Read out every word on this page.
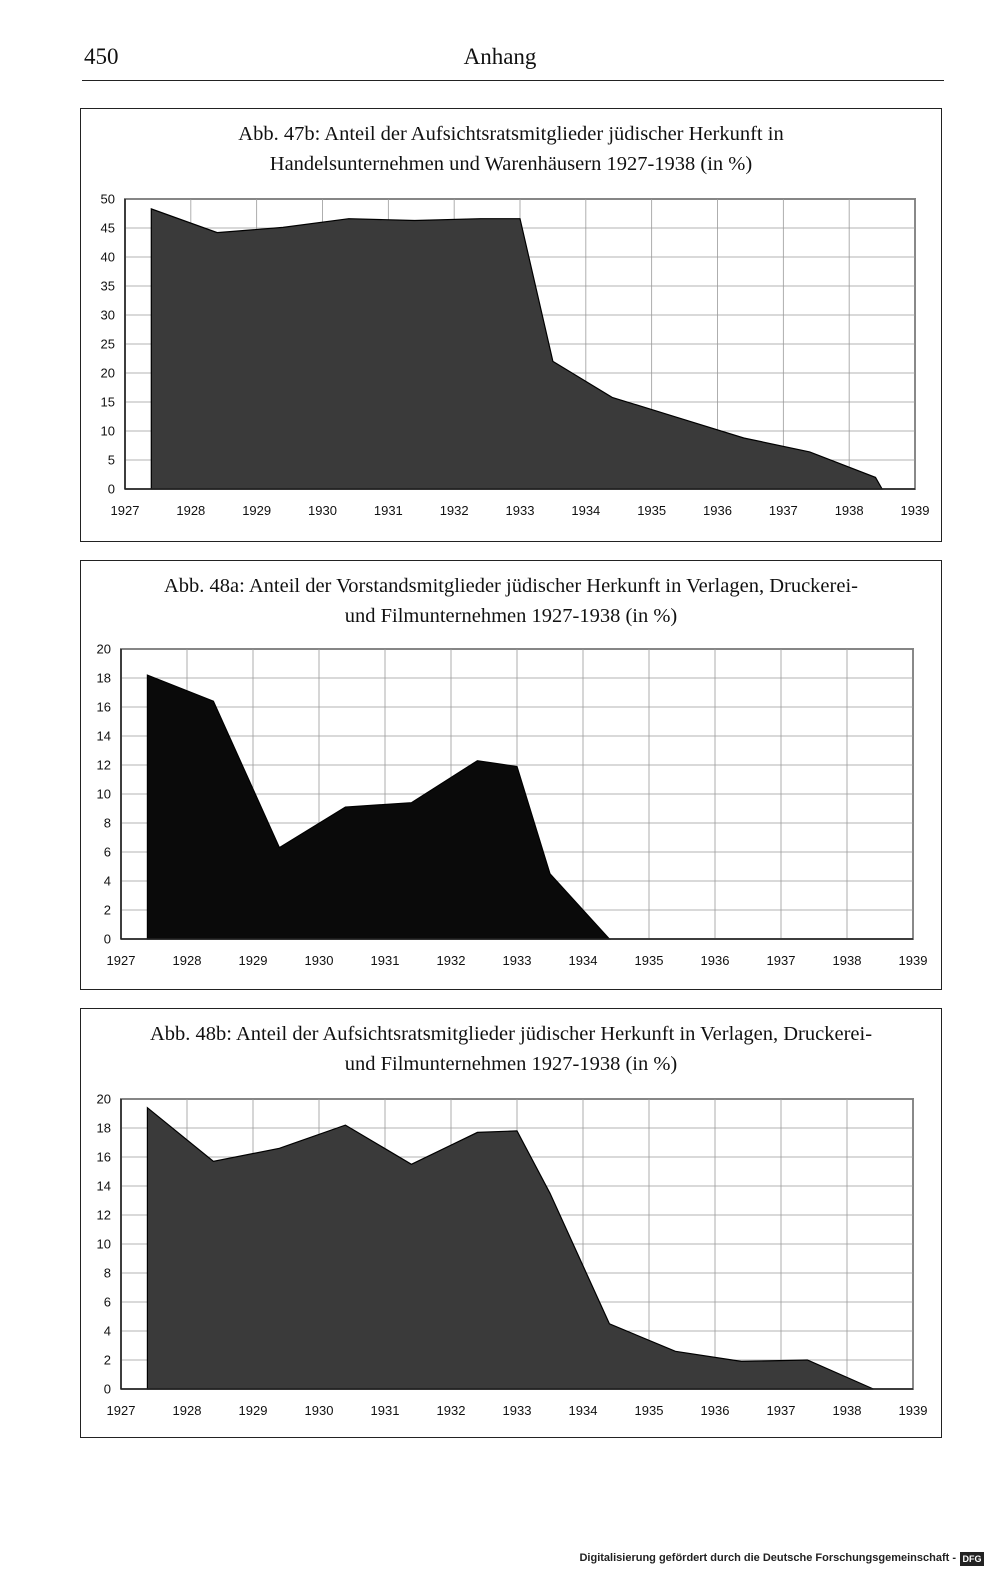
450	Anhang
Abb. 47b: Anteil der Aufsichtsratsmitglieder jüdischer Herkunft in
Handelsunternehmen und Warenhäusern 1927-1938 (in %)
0
5
10
15
20
25
30
35
40
45
50
1927	1928	1929	1930	1931	1932	1933	1934	1935	1936	1937	1938	1939
Abb. 48a: Anteil der Vorstandsmitglieder jüdischer Herkunft in Verlagen, Druckerei-
und Filmunternehmen 1927-1938 (in %)
0
2
4
6
8
10
12
14
16
18
20
1927	1928	1929	1930	1931	1932	1933	1934	1935	1936	1937	1938	1939
Abb. 48b: Anteil der Aufsichtsratsmitglieder jüdischer Herkunft in Verlagen, Druckerei-
und Filmunternehmen 1927-1938 (in %)
0
2
4
6
8
10
12
14
16
18
20
1927	1928	1929	1930	1931	1932	1933	1934	1935	1936	1937	1938	1939
Digitalisierung gefördert durch die Deutsche Forschungsgemeinschaft - DFG
